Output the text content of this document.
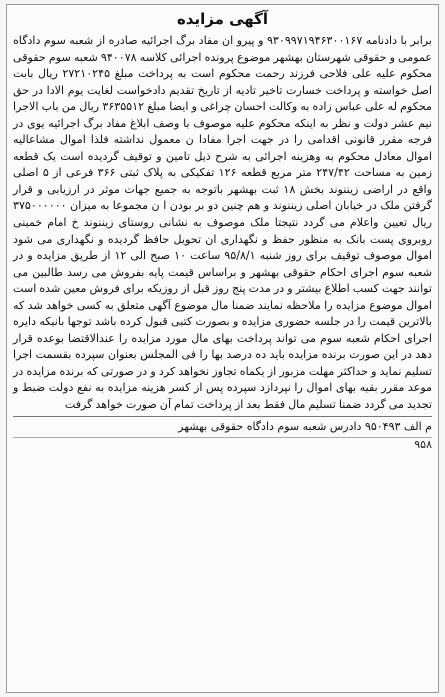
آگهی مزایده
برابر با دادنامه ۹۳۰۹۹۷۱۹۴۶۳۰۰۱۶۷ و پیرو ان مفاد برگ اجرائیه صادره از شعبه سوم دادگاه عمومی و حقوقی شهرستان بهشهر موضوع پرونده اجرائی کلاسه ۹۴۰۰۷۸ شعبه سوم حقوقی محکوم علیه علی فلاحی فرزند رحمت محکوم است به پرداخت مبلغ ۲۷۲۱۰۲۴۵ ریال بابت اصل خواسته و پرداخت خسارت تاخیر تادیه از تاریخ تقدیم دادخواست لغایت یوم الادا در حق محکوم له علی عباس زاده به وکالت احسان چراغی و ایضا مبلغ ۳۶۳۵۵۱۲ ریال من باب الاجرا نیم عشر دولت و نظر به اینکه محکوم علیه موصوف با وصف ابلاغ مفاد برگ اجرائیه یوی در فرجه مقرر قانونی اقدامی را در جهت اجرا مفادا ن معمول نداشته فلذا اموال مشاعالیه اموال معادل محکوم به وهزینه اجرائی به شرح ذیل تامین و توقیف گردیده است یک قطعه زمین به مساحت ۲۴۷/۴۲ متر مربع قطعه ۱۲۶ تفکیکی به پلاک ثبتی ۳۶۶ فرعی از ۵ اصلی واقع در اراضی زیننوند بخش ۱۸ ثبت بهشهر باتوجه به جمیع جهات موثر در ارزیابی و قرار گرفتن ملک در خیابان اصلی زیننوند و هم چنین دو بر بودن ا ن مجموعا به میزان ۳۷۵۰۰۰۰۰۰ ریال تعیین واعلام می گردد نتیجتا ملک موصوف به نشانی روستای زیننوند خ امام خمینی روبروی پست بانک به منظور حفظ و نگهداری ان تحویل حافظ گردیده و نگهداری می شود اموال موصوف توقیف برای روز شنبه ۹۵/۸/۱ ساعت ۱۰ صبح الی ۱۲ از طریق مزایده و در شعبه سوم اجرای احکام حقوقی بهشهر و براساس قیمت پایه بفروش می رسد طالبین می توانند جهت کسب اطلاع بیشتر و در مدت پنج روز قبل از روزیکه برای فروش معین شده است اموال موضوع مزایده را ملاحظه نمایند ضمنا مال موضوع آگهی متعلق به کسی خواهد شد که بالاترین قیمت را در جلسه حضوری مزایده و بصورت کتبی قبول کرده باشد توجها بانیکه دایره اجرای احکام شعبه سوم می تواند پرداخت بهای مال مورد مزایده را عندالاقتضا بوعده قرار دهد در این صورت برنده مزایده باید ده درصد بها را فی المجلس بعنوان سپرده بقسمت اجرا تسلیم نماید و حداکثر مهلت مزبور از یکماه تجاوز نخواهد کرد و در صورتی که برنده مزایده در موعد مقرر بقیه بهای اموال را نپردازد سپرده پس از کسر هزینه مزایده به نفع دولت ضبط و تجدید می گردد ضمنا تسلیم مال فقط بعد از پرداخت تمام آن صورت خواهد گرفت
م الف ۹۵۰۴۹۳ دادرس شعبه سوم دادگاه حقوقی بهشهر
۹۵۸
